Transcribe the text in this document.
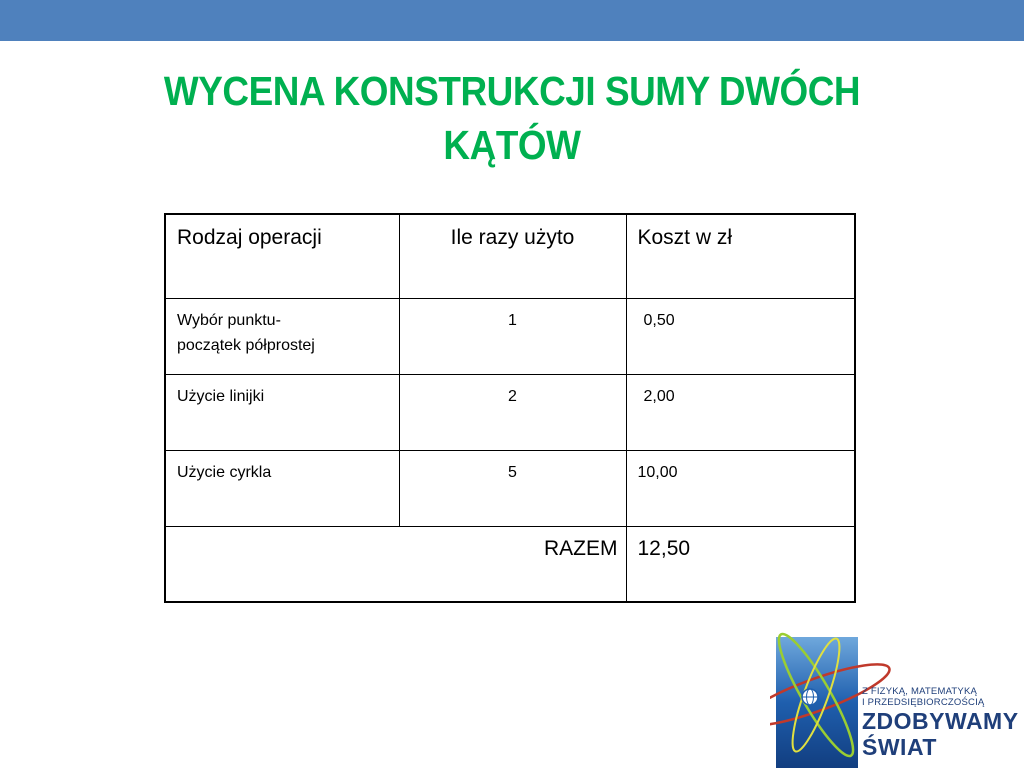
WYCENA KONSTRUKCJI SUMY DWÓCH
KĄTÓW
Rodzaj operacji	Ile razy użyto	Koszt w zł

Wybór punktu-
początek półprostej	1	0,50

Użycie linijki	2	2,00

Użycie cyrkla	5	10,00
RAZEM		12,50
Z FIZYKĄ, MATEMATYKĄ
I PRZEDSIĘBIORCZOŚCIĄ
ZDOBYWAMY
ŚWIAT
